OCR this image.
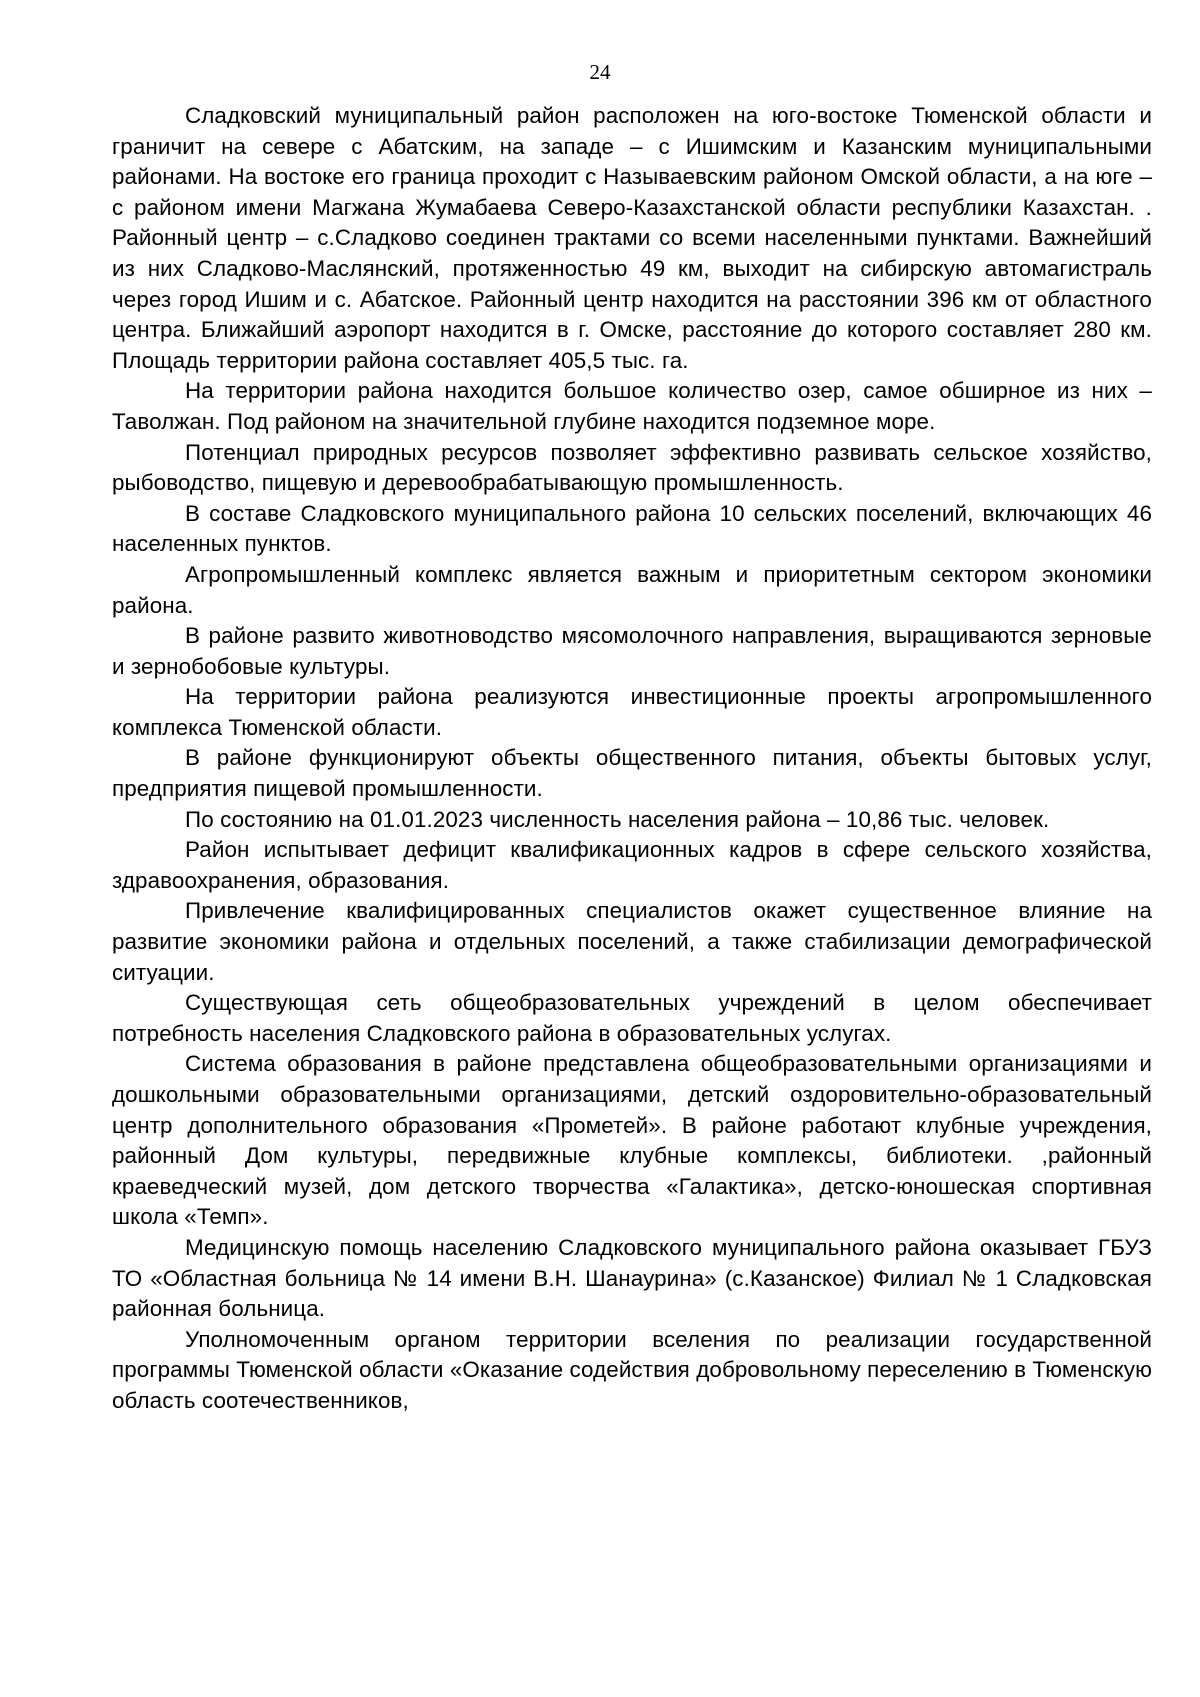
24

Сладковский муниципальный район расположен на юго-востоке Тюменской области и граничит на севере с Абатским, на западе – с Ишимским и Казанским муниципальными районами. На востоке его граница проходит с Называевским районом Омской области, а на юге – с районом имени Магжана Жумабаева Северо-Казахстанской области республики Казахстан. . Районный центр – с.Сладково соединен трактами со всеми населенными пунктами. Важнейший из них Сладково-Маслянский, протяженностью 49 км, выходит на сибирскую автомагистраль через город Ишим и с. Абатское. Районный центр находится на расстоянии 396 км от областного центра. Ближайший аэропорт находится в г. Омске, расстояние до которого составляет 280 км. Площадь территории района составляет 405,5 тыс. га.

На территории района находится большое количество озер, самое обширное из них – Таволжан. Под районом на значительной глубине находится подземное море.

Потенциал природных ресурсов позволяет эффективно развивать сельское хозяйство, рыбоводство, пищевую и деревообрабатывающую промышленность.

В составе Сладковского муниципального района 10 сельских поселений, включающих 46 населенных пунктов.

Агропромышленный комплекс является важным и приоритетным сектором экономики района.

В районе развито животноводство мясомолочного направления, выращиваются зерновые и зернобобовые культуры.

На территории района реализуются инвестиционные проекты агропромышленного комплекса Тюменской области.

В районе функционируют объекты общественного питания, объекты бытовых услуг, предприятия пищевой промышленности.

По состоянию на 01.01.2023 численность населения района – 10,86 тыс. человек.

Район испытывает дефицит квалификационных кадров в сфере сельского хозяйства, здравоохранения, образования.

Привлечение квалифицированных специалистов окажет существенное влияние на развитие экономики района и отдельных поселений, а также стабилизации демографической ситуации.

Существующая сеть общеобразовательных учреждений в целом обеспечивает потребность населения Сладковского района в образовательных услугах.

Система образования в районе представлена общеобразовательными организациями и дошкольными образовательными организациями, детский оздоровительно-образовательный центр дополнительного образования «Прометей». В районе работают клубные учреждения, районный Дом культуры, передвижные клубные комплексы, библиотеки. ,районный краеведческий музей, дом детского творчества «Галактика», детско-юношеская спортивная школа «Темп».

Медицинскую помощь населению Сладковского муниципального района оказывает ГБУЗ ТО «Областная больница № 14 имени В.Н. Шанаурина» (с.Казанское) Филиал № 1 Сладковская районная больница.

Уполномоченным органом территории вселения по реализации государственной программы Тюменской области «Оказание содействия добровольному переселению в Тюменскую область соотечественников,
